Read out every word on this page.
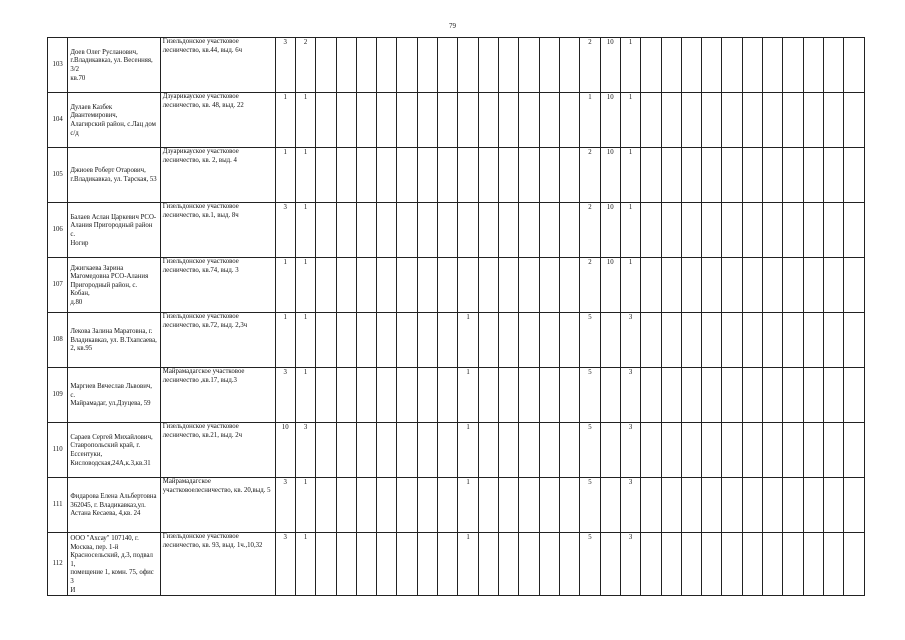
79
103	Доев Олег Русланович,
г.Владикавказ, ул. Весенняя, 3/2
кв.70	Гизельдонское участковое лесничество, кв.44, выд. 6ч	3	2														2	10	1											
104	Дулаев Казбек Двантемирович,
Алагирский район, с.Лац дом
с/д	Дзуарикауское участковое лесничество, кв. 48, выд. 22	1	1														1	10	1											
105	Джиоев Роберт Отарович,
г.Владикавказ, ул. Тарская, 53	Дзуарикауское участковое лесничество, кв. 2, выд. 4	1	1														2	10	1											
106	Балаев Аслан Царкевич РСО-
Алания Пригородный район с.
Ногир	Гизельдонское участковое лесничество, кв.1, выд. 8ч	3	1														2	10	1											
107	Джигкаева Зарина
Магомедовна РСО-Алания
Пригородный район, с. Кобан,
д.80	Гизельдонское участковое лесничество, кв.74, выд. 3	1	1														2	10	1											
108	Лекова Залина Маратовна, г.
Владикавказ, ул. В.Тхапсаева,
2, кв.95	Гизельдонское участковое лесничество, кв.72, выд. 2,3ч	1	1								1						5		3											
109	Маргиев Вячеслав Львович, с.
Майрамадаг, ул.Дзуцева, 59	Майрамадагское участковое лесничество ,кв.17, выд.3	3	1								1						5		3											
110	Сараев Сергей Михайлович,
Ставропольский край, г.
Ессентуки,
Кисловодская,24А,к.3,кв.31	Гизельдонское участковое лесничество, кв.21, выд. 2ч	10	3								1						5		3											
111	Фидарова Елена Альбертовна
362045, г. Владикавказ,ул.
Астана Кесаева, 4,кв. 24	Майрамадагское участковоелесничество, кв. 20,выд. 5	3	1								1						5		3											
112	ООО "Ахсау" 107140, г.
Москва, пер. 1-й
Красносельский, д.3, подвал 1,
помещение 1, комн. 75, офис 3
И	Гизельдонское участковое лесничество, кв. 93, выд. 1ч.,10,32	3	1								1						5		3											
